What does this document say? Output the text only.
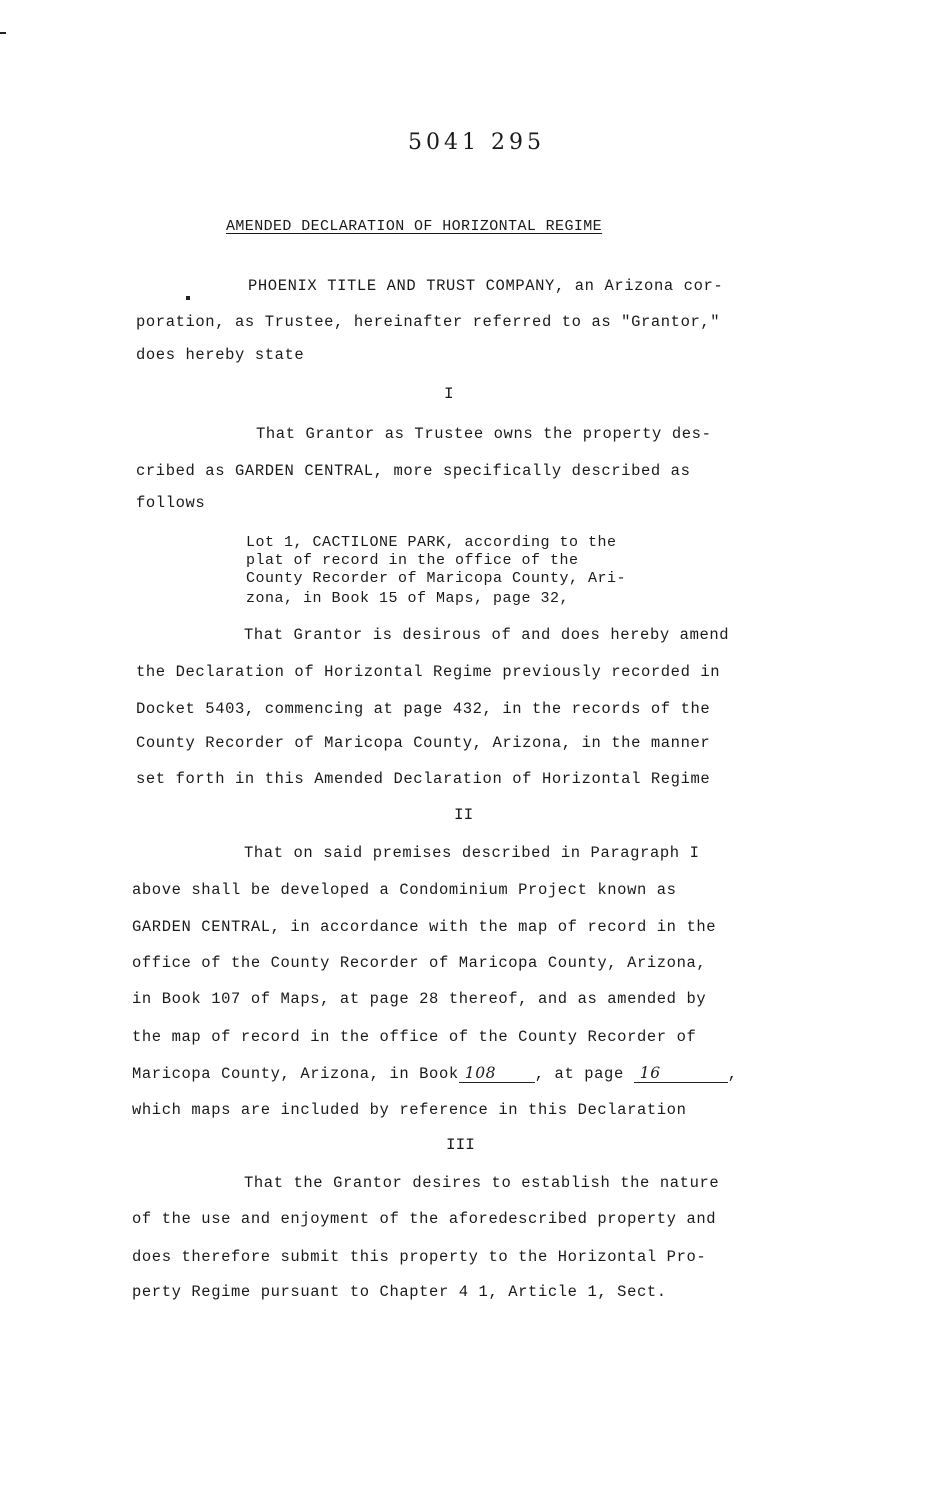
5041 295
AMENDED DECLARATION OF HORIZONTAL REGIME
PHOENIX TITLE AND TRUST COMPANY, an Arizona cor-
poration, as Trustee, hereinafter referred to as "Grantor,"
does hereby state
I
That Grantor as Trustee owns the property des-
cribed as GARDEN CENTRAL, more specifically described as
follows
Lot 1, CACTILONE PARK, according to the
plat of record in the office of the
County Recorder of Maricopa County, Ari-
zona, in Book 15 of Maps, page 32,
That Grantor is desirous of and does hereby amend
the Declaration of Horizontal Regime previously recorded in
Docket 5403, commencing at page 432, in the records of the
County Recorder of Maricopa County, Arizona, in the manner
set forth in this Amended Declaration of Horizontal Regime
II
That on said premises described in Paragraph I
above shall be developed a Condominium Project known as
GARDEN CENTRAL, in accordance with the map of record in the
office of the County Recorder of Maricopa County, Arizona,
in Book 107 of Maps, at page 28 thereof, and as amended by
the map of record in the office of the County Recorder of
Maricopa County, Arizona, in Book 108 , at page 16	,
which maps are included by reference in this Declaration
III
That the Grantor desires to establish the nature
of the use and enjoyment of the aforedescribed property and
does therefore submit this property to the Horizontal Pro-
perty Regime pursuant to Chapter 4 1, Article 1, Sect.
